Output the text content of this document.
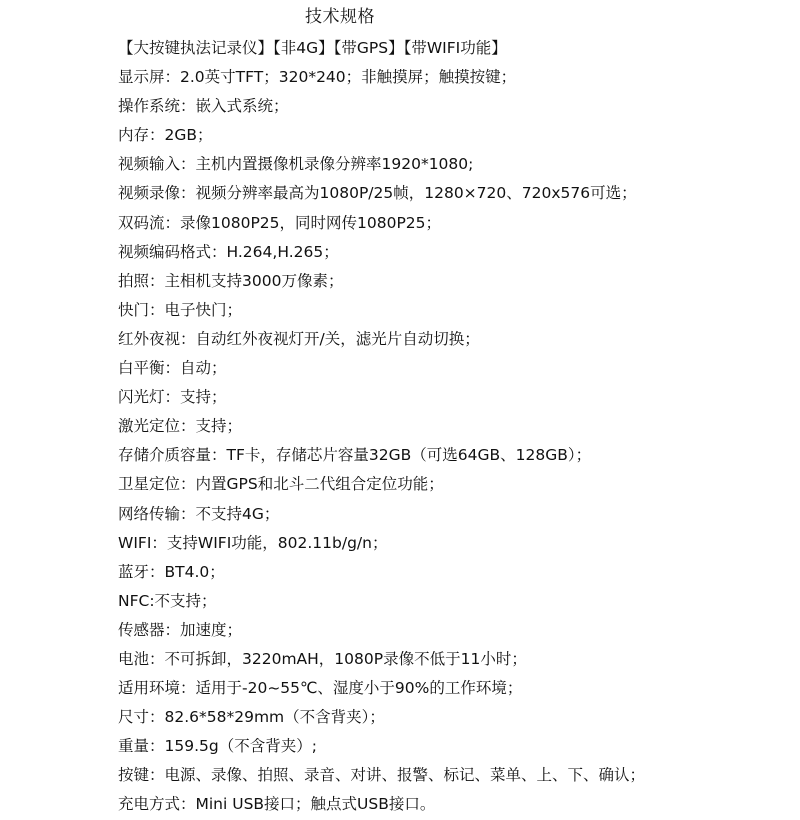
技术规格
【大按键执法记录仪】【非4G】【带GPS】【带WIFI功能】
显示屏：2.0英寸TFT；320*240；非触摸屏；触摸按键；
操作系统：嵌入式系统；
内存：2GB；
视频输入：主机内置摄像机录像分辨率1920*1080;
视频录像：视频分辨率最高为1080P/25帧，1280×720、720x576可选；
双码流：录像1080P25，同时网传1080P25；
视频编码格式：H.264,H.265；
拍照：主相机支持3000万像素；
快门：电子快门；
红外夜视：自动红外夜视灯开/关，滤光片自动切换；
白平衡：自动；
闪光灯：支持；
激光定位：支持；
存储介质容量：TF卡，存储芯片容量32GB（可选64GB、128GB）；
卫星定位：内置GPS和北斗二代组合定位功能；
网络传输：不支持4G；
WIFI：支持WIFI功能，802.11b/g/n；
蓝牙：BT4.0；
NFC:不支持；
传感器：加速度；
电池：不可拆卸，3220mAH，1080P录像不低于11小时；
适用环境：适用于-20~55℃、湿度小于90%的工作环境；
尺寸：82.6*58*29mm（不含背夹）；
重量：159.5g（不含背夹）;
按键：电源、录像、拍照、录音、对讲、报警、标记、菜单、上、下、确认；
充电方式：Mini USB接口；触点式USB接口。
